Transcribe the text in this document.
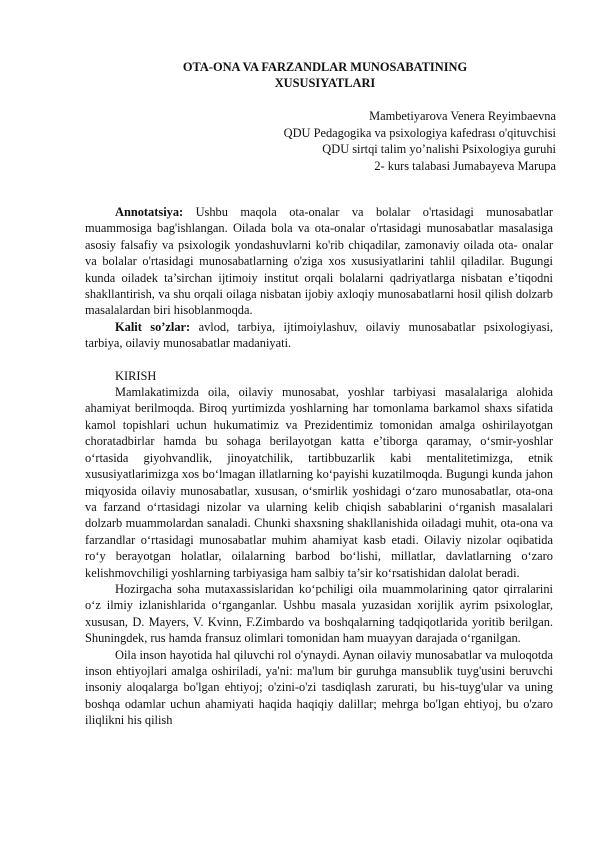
OTA-ONA VA FARZANDLAR MUNOSABATINING
XUSUSIYATLARI
Mambetiyarova Venera Reyimbaevna
QDU Pedagogika va psixologiya kafedrası o'qituvchisi
QDU sirtqi talim yo’nalishi Psixologiya guruhi
2- kurs talabasi Jumabayeva Marupa

Annotatsiya: Ushbu maqola ota-onalar va bolalar o'rtasidagi munosabatlar muammosiga bag'ishlangan. Oilada bola va ota-onalar o'rtasidagi munosabatlar masalasiga asosiy falsafiy va psixologik yondashuvlarni ko'rib chiqadilar, zamonaviy oilada ota- onalar va bolalar o'rtasidagi munosabatlarning o'ziga xos xususiyatlarini tahlil qiladilar. Bugungi kunda oiladek ta’sirchan ijtimoiy institut orqali bolalarni qadriyatlarga nisbatan e’tiqodni shakllantirish, va shu orqali oilaga nisbatan ijobiy axloqiy munosabatlarni hosil qilish dolzarb masalalardan biri hisoblanmoqda.

Kalit so’zlar: avlod, tarbiya, ijtimoiylashuv, oilaviy munosabatlar psixologiyasi, tarbiya, oilaviy munosabatlar madaniyati.

KIRISH

Mamlakatimizda oila, oilaviy munosabat, yoshlar tarbiyasi masalalariga alohida ahamiyat berilmoqda. Biroq yurtimizda yoshlarning har tomonlama barkamol shaxs sifatida kamol topishlari uchun hukumatimiz va Prezidentimiz tomonidan amalga oshirilayotgan choratadbirlar hamda bu sohaga berilayotgan katta e’tiborga qaramay, o‘smir-yoshlar o‘rtasida giyohvandlik, jinoyatchilik, tartibbuzarlik kabi mentalitetimizga, etnik xususiyatlarimizga xos bo‘lmagan illatlarning ko‘payishi kuzatilmoqda. Bugungi kunda jahon miqyosida oilaviy munosabatlar, xususan, o‘smirlik yoshidagi o‘zaro munosabatlar, ota-ona va farzand o‘rtasidagi nizolar va ularning kelib chiqish sabablarini o‘rganish masalalari dolzarb muammolardan sanaladi. Chunki shaxsning shakllanishida oiladagi muhit, ota-ona va farzandlar o‘rtasidagi munosabatlar muhim ahamiyat kasb etadi. Oilaviy nizolar oqibatida ro‘y berayotgan holatlar, oilalarning barbod bo‘lishi, millatlar, davlatlarning o‘zaro kelishmovchiligi yoshlarning tarbiyasiga ham salbiy ta’sir ko‘rsatishidan dalolat beradi.

Hozirgacha soha mutaxassislaridan ko‘pchiligi oila muammolarining qator qirralarini o‘z ilmiy izlanishlarida o‘rganganlar. Ushbu masala yuzasidan xorijlik ayrim psixologlar, xususan, D. Mayers, V. Kvinn, F.Zimbardo va boshqalarning tadqiqotlarida yoritib berilgan. Shuningdek, rus hamda fransuz olimlari tomonidan ham muayyan darajada o‘rganilgan.

Oila inson hayotida hal qiluvchi rol o'ynaydi. Aynan oilaviy munosabatlar va muloqotda inson ehtiyojlari amalga oshiriladi, ya'ni: ma'lum bir guruhga mansublik tuyg'usini beruvchi insoniy aloqalarga bo'lgan ehtiyoj; o'zini-o'zi tasdiqlash zarurati, bu his-tuyg'ular va uning boshqa odamlar uchun ahamiyati haqida haqiqiy dalillar; mehrga bo'lgan ehtiyoj, bu o'zaro iliqlikni his qilish
